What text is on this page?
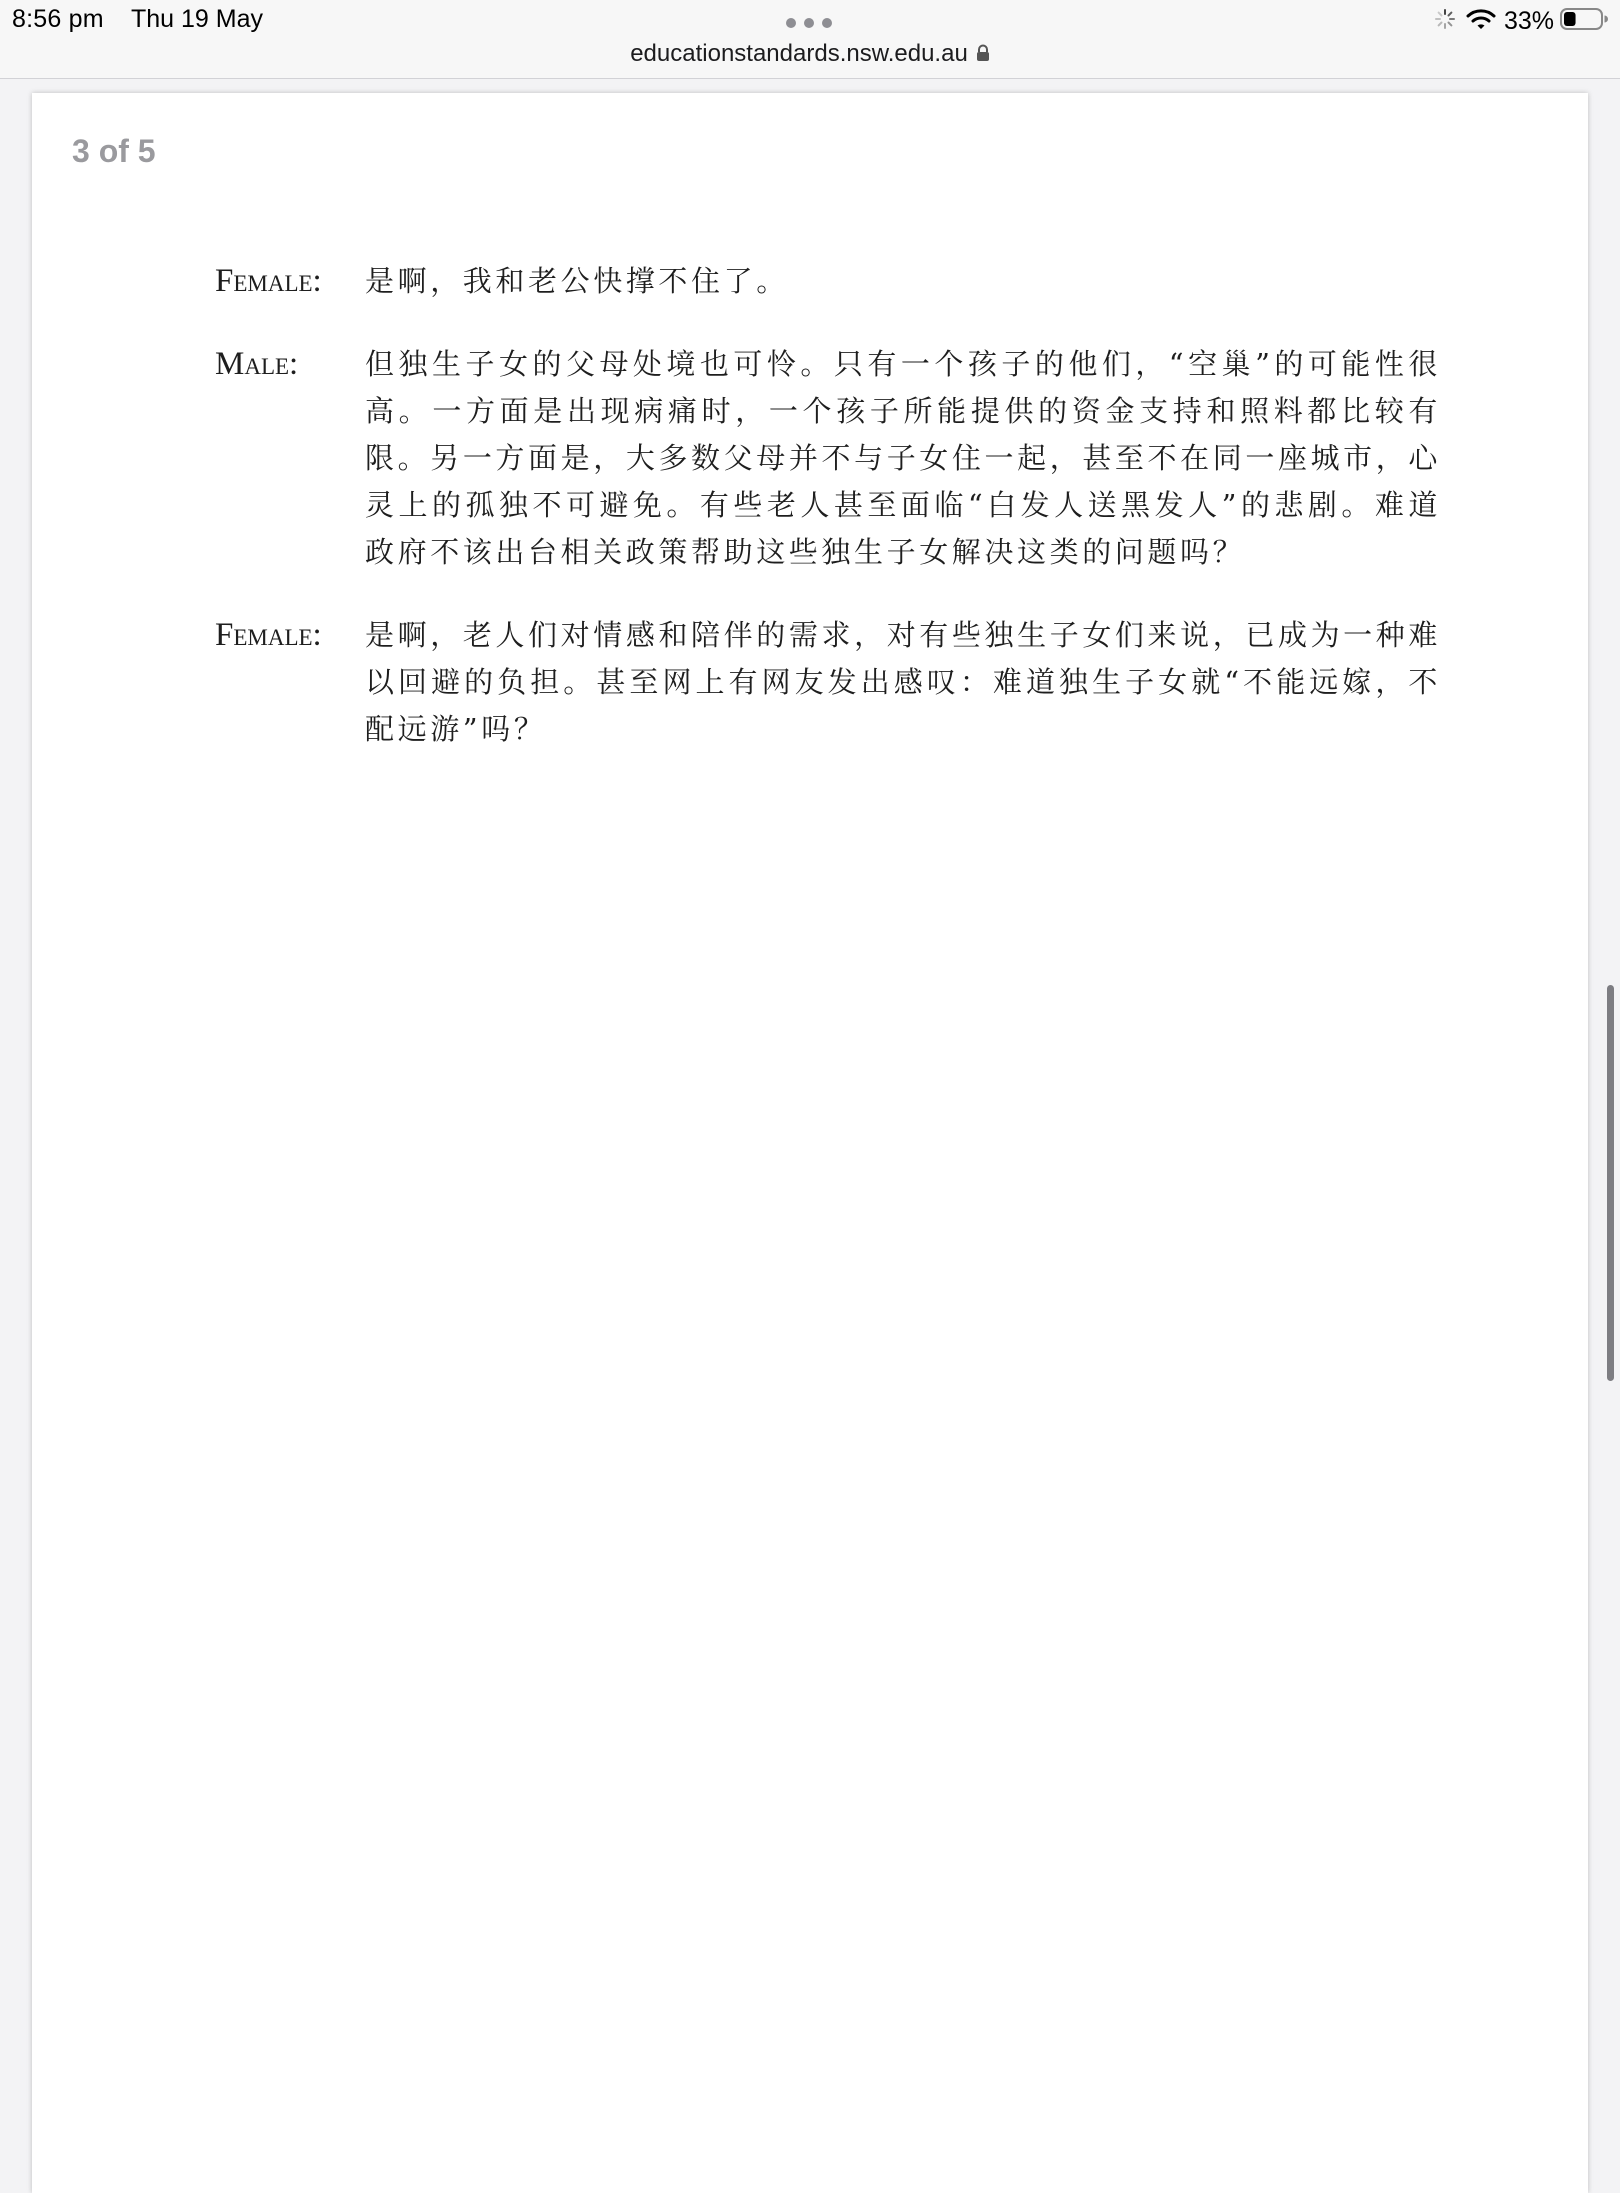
8:56 pm Thu 19 May
educationstandards.nsw.edu.au
33%
3 of 5
Female:	是啊，我和老公快撑不住了。
Male:	但独生子女的父母处境也可怜。只有一个孩子的他们，“空巢”的可能性很高。一方面是出现病痛时，一个孩子所能提供的资金支持和照料都比较有限。另一方面是，大多数父母并不与子女住一起，甚至不在同一座城市，心灵上的孤独不可避免。有些老人甚至面临“白发人送黑发人”的悲剧。难道政府不该出台相关政策帮助这些独生子女解决这类的问题吗？
Female:	是啊，老人们对情感和陪伴的需求，对有些独生子女们来说，已成为一种难以回避的负担。甚至网上有网友发出感叹：难道独生子女就“不能远嫁，不配远游”吗？
